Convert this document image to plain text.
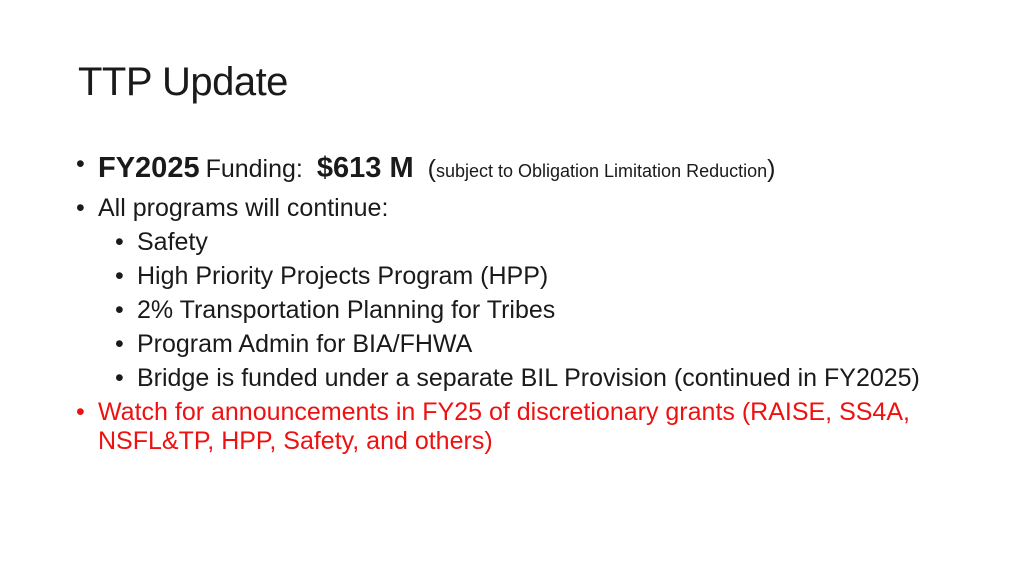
TTP Update
• FY2025 Funding: $613 M ( subject to Obligation Limitation Reduction )
• All programs will continue:
• Safety
• High Priority Projects Program (HPP)
• 2% Transportation Planning for Tribes
• Program Admin for BIA/FHWA
• Bridge is funded under a separate BIL Provision (continued in FY2025)
• Watch for announcements in FY25 of discretionary grants (RAISE, SS4A, NSFL&TP, HPP, Safety, and others)
